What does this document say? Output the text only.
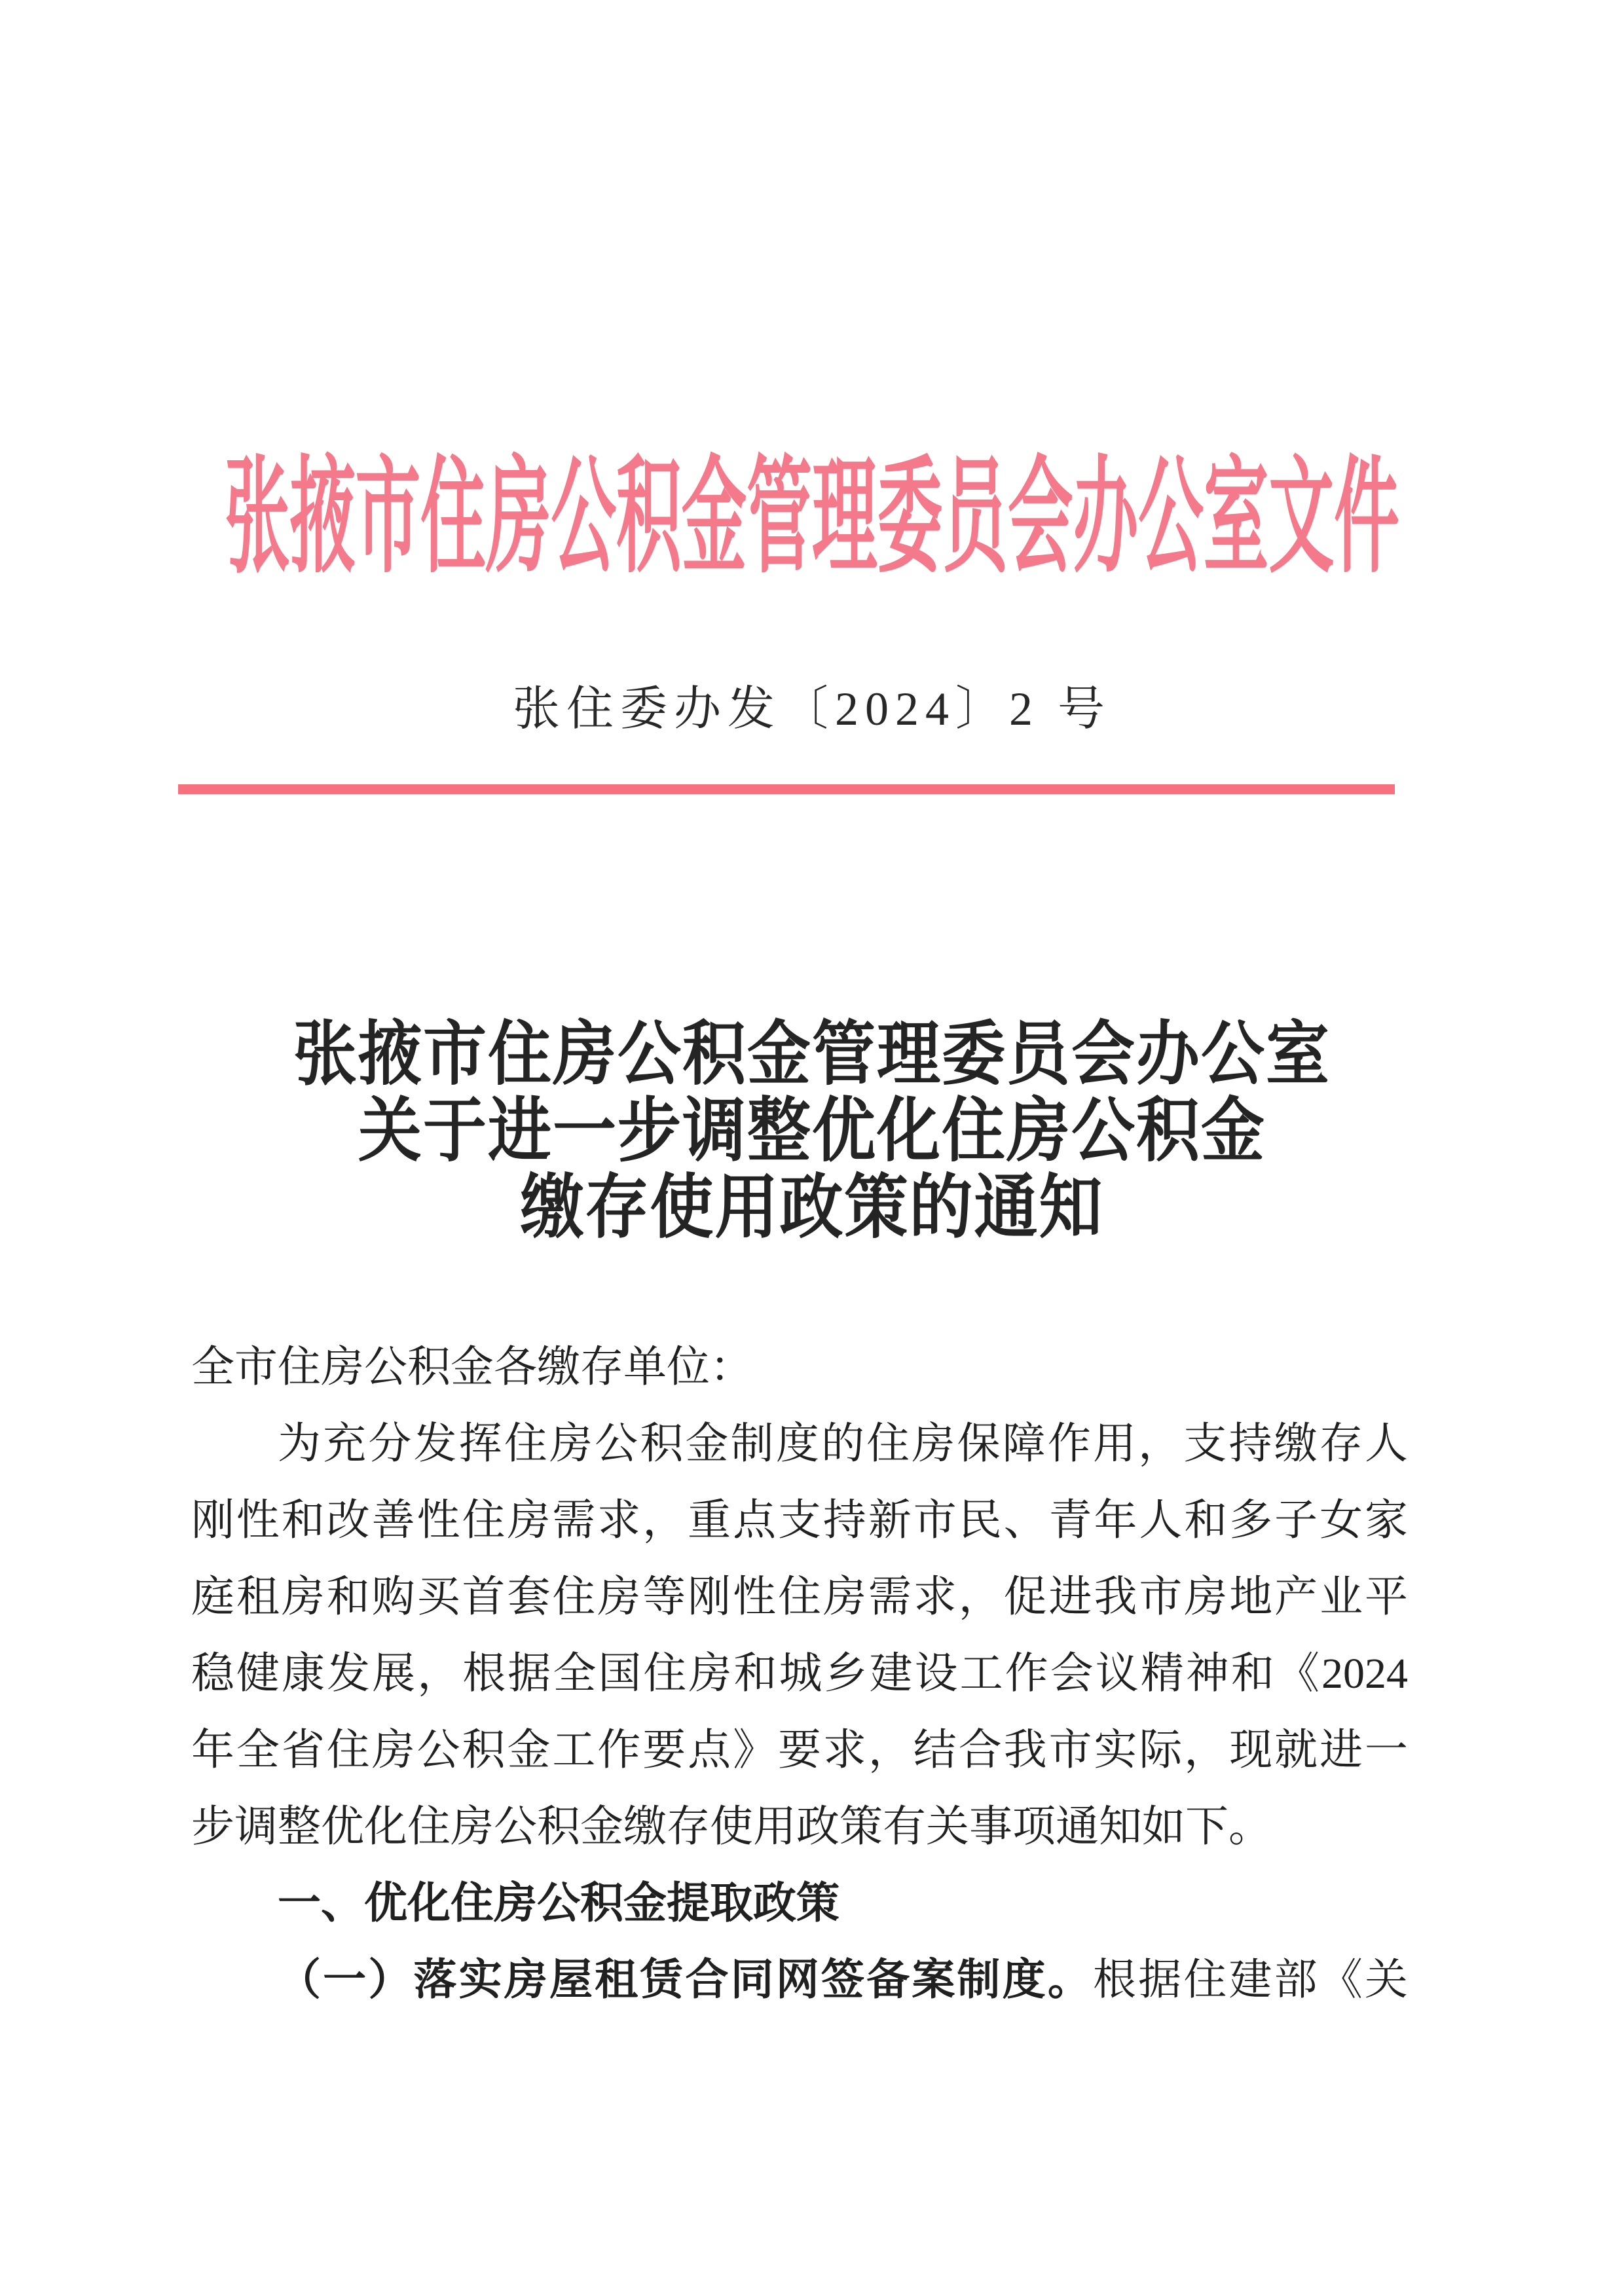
张掖市住房公积金管理委员会办公室文件
张住委办发〔2024〕2 号
张掖市住房公积金管理委员会办公室
关于进一步调整优化住房公积金
缴存使用政策的通知
全市住房公积金各缴存单位：
为充分发挥住房公积金制度的住房保障作用，支持缴存人
刚性和改善性住房需求，重点支持新市民、青年人和多子女家
庭租房和购买首套住房等刚性住房需求，促进我市房地产业平
稳健康发展，根据全国住房和城乡建设工作会议精神和《2024
年全省住房公积金工作要点》要求，结合我市实际，现就进一
步调整优化住房公积金缴存使用政策有关事项通知如下。
一、优化住房公积金提取政策
（一）落实房屋租赁合同网签备案制度。根据住建部《关
